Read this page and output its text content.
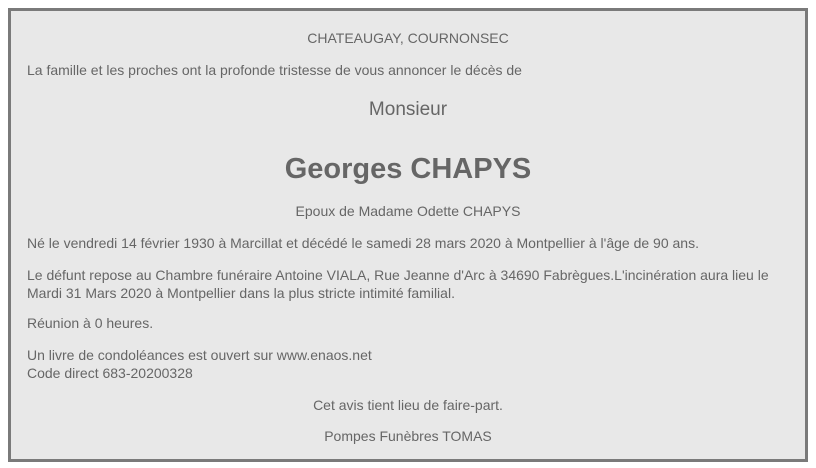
CHATEAUGAY, COURNONSEC
La famille et les proches ont la profonde tristesse de vous annoncer le décès de
Monsieur
Georges CHAPYS
Epoux de Madame Odette CHAPYS
Né le vendredi 14 février 1930 à Marcillat et décédé le samedi 28 mars 2020 à Montpellier à l'âge de 90 ans.
Le défunt repose au Chambre funéraire Antoine VIALA, Rue Jeanne d'Arc à 34690 Fabrègues.L'incinération aura lieu le Mardi 31 Mars 2020 à Montpellier dans la plus stricte intimité familial.
Réunion à 0 heures.
Un livre de condoléances est ouvert sur www.enaos.net
Code direct 683-20200328
Cet avis tient lieu de faire-part.
Pompes Funèbres TOMAS
